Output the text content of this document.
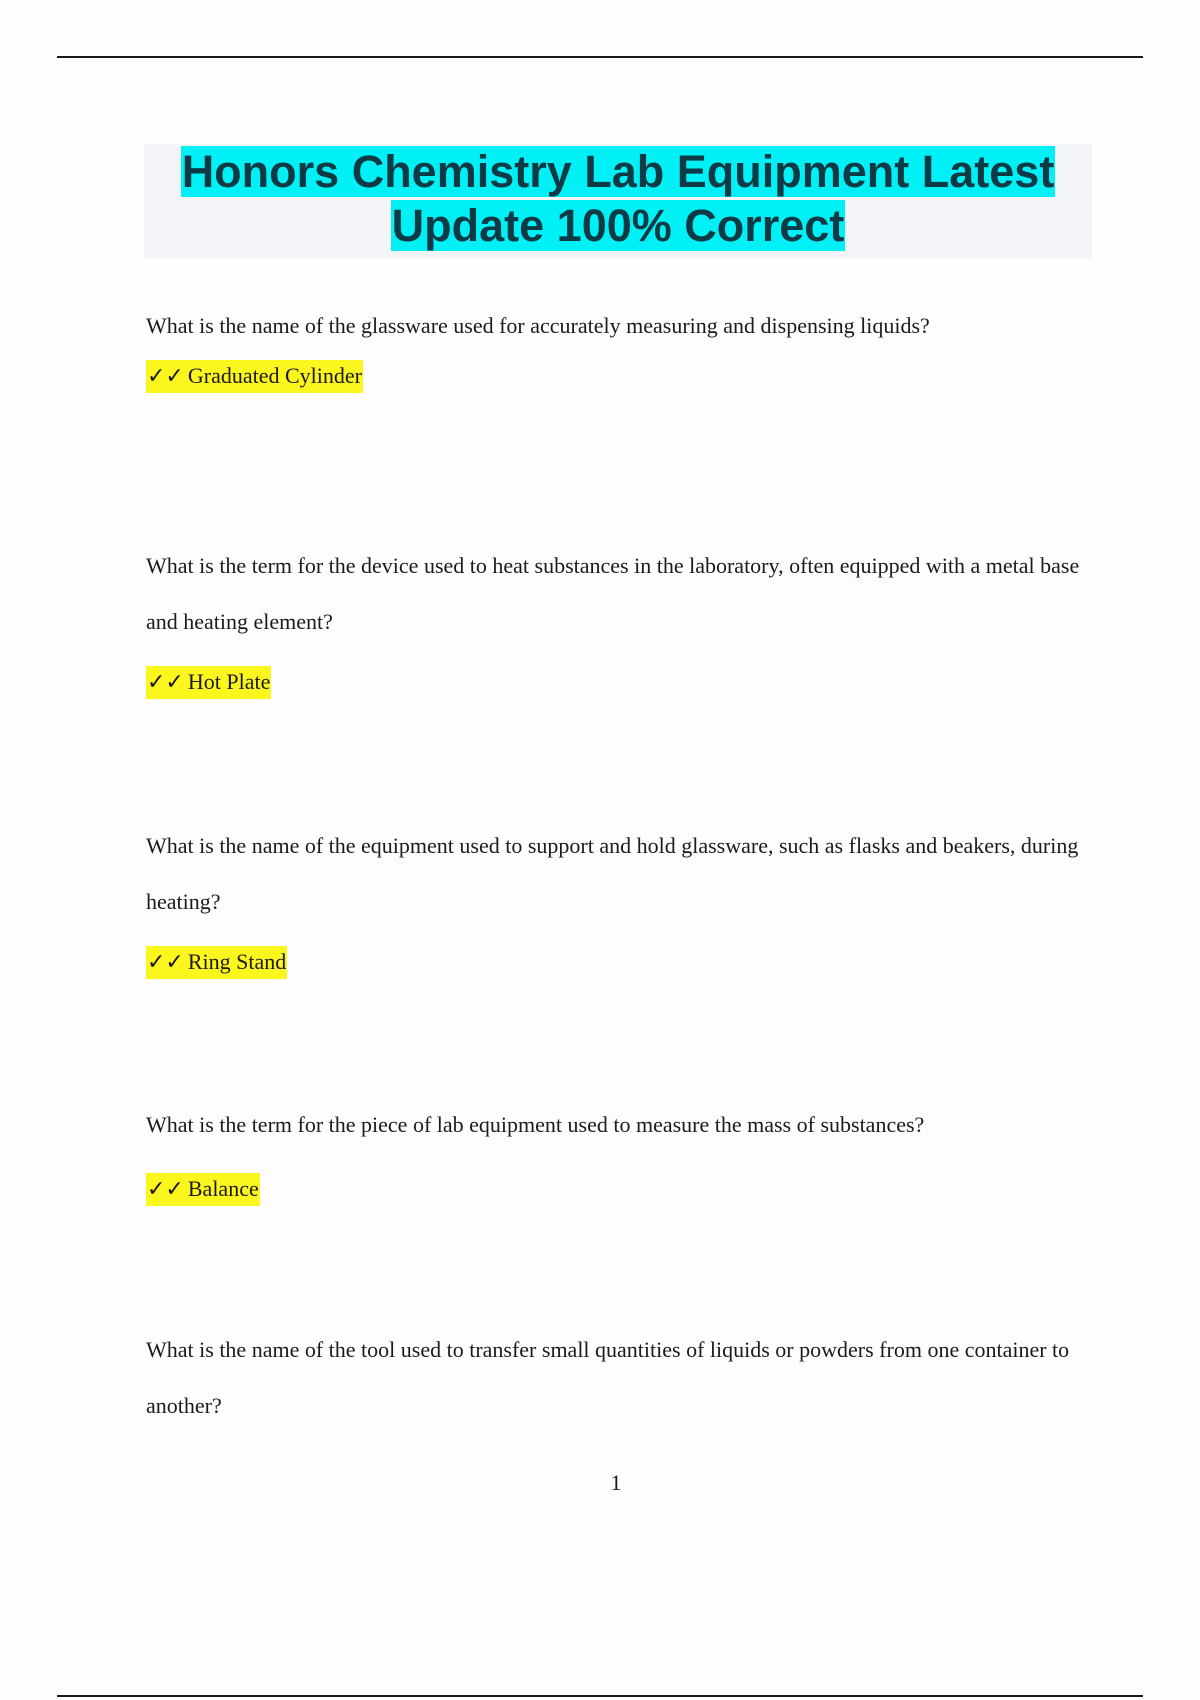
Honors Chemistry Lab Equipment Latest
Update 100% Correct

What is the name of the glassware used for accurately measuring and dispensing liquids?

✓✓ Graduated Cylinder

What is the term for the device used to heat substances in the laboratory, often equipped with a metal base and heating element?

✓✓ Hot Plate

What is the name of the equipment used to support and hold glassware, such as flasks and beakers, during heating?

✓✓ Ring Stand

What is the term for the piece of lab equipment used to measure the mass of substances?

✓✓ Balance

What is the name of the tool used to transfer small quantities of liquids or powders from one container to another?

1
